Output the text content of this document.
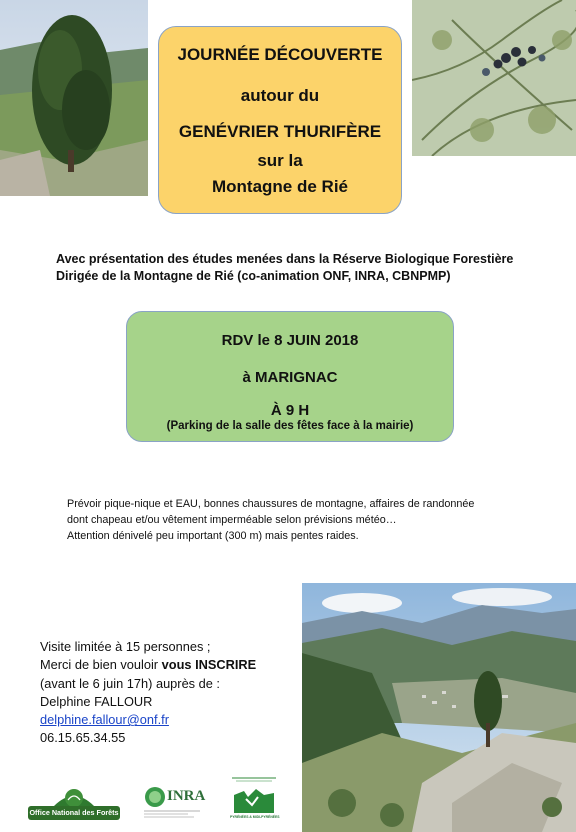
JOURNÉE DÉCOUVERTE
autour du
GENÉVRIER THURIFÈRE
sur la
Montagne de Rié
Avec présentation des études menées dans la Réserve Biologique Forestière
Dirigée de la Montagne de Rié (co-animation ONF, INRA, CBNPMP)
RDV le 8 JUIN 2018
à MARIGNAC
À 9 H
(Parking de la salle des fêtes face à la mairie)
Prévoir pique-nique et EAU, bonnes chaussures de montagne, affaires de randonnée
dont chapeau et/ou vêtement imperméable selon prévisions météo…
Attention dénivelé peu important (300 m) mais pentes raides.
Visite limitée à 15 personnes ;
Merci de bien vouloir vous INSCRIRE
(avant le 6 juin 17h) auprès de :
Delphine FALLOUR
delphine.fallour@onf.fr
06.15.65.34.55
Office National des Forêts
INRA
PYRÉNÉES & MIDI-PYRÉNÉES
